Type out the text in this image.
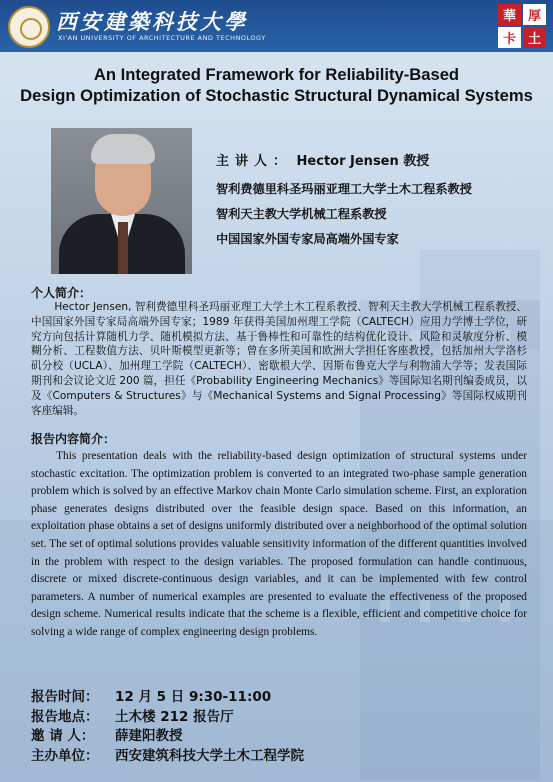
西安建築科技大學
XI'AN UNIVERSITY OF ARCHITECTURE AND TECHNOLOGY
華 厚
卡 土
An Integrated Framework for Reliability-Based
Design Optimization of Stochastic Structural Dynamical Systems
主讲人： Hector Jensen 教授
智利费德里科圣玛丽亚理工大学土木工程系教授
智利天主教大学机械工程系教授
中国国家外国专家局高端外国专家
个人简介：
Hector Jensen, 智利费德里科圣玛丽亚理工大学土木工程系教授、智利天主教大学机械工程系教授、中国国家外国专家局高端外国专家；1989 年获得美国加州理工学院（CALTECH）应用力学博士学位，研究方向包括计算随机力学、随机模拟方法、基于鲁棒性和可靠性的结构优化设计、风险和灵敏度分析、模糊分析、工程数值方法、贝叶斯模型更新等；曾在多所美国和欧洲大学担任客座教授，包括加州大学洛杉矶分校（UCLA）、加州理工学院（CALTECH）、密歇根大学、因斯布鲁克大学与利物浦大学等；发表国际期刊和会议论文近 200 篇，担任《Probability Engineering Mechanics》等国际知名期刊编委成员，以及《Computers & Structures》与《Mechanical Systems and Signal Processing》等国际权威期刊客座编辑。
报告内容简介：
This presentation deals with the reliability-based design optimization of structural systems under stochastic excitation. The optimization problem is converted to an integrated two-phase sample generation problem which is solved by an effective Markov chain Monte Carlo simulation scheme. First, an exploration phase generates designs distributed over the feasible design space. Based on this information, an exploitation phase obtains a set of designs uniformly distributed over a neighborhood of the optimal solution set. The set of optimal solutions provides valuable sensitivity information of the different quantities involved in the problem with respect to the design variables. The proposed formulation can handle continuous, discrete or mixed discrete-continuous design variables, and it can be implemented with few control parameters. A number of numerical examples are presented to evaluate the effectiveness of the proposed design scheme. Numerical results indicate that the scheme is a flexible, efficient and competitive choice for solving a wide range of complex engineering design problems.
报告时间： 12 月 5 日 9:30-11:00
报告地点： 土木楼 212 报告厅
邀 请 人： 薛建阳教授
主办单位： 西安建筑科技大学土木工程学院
